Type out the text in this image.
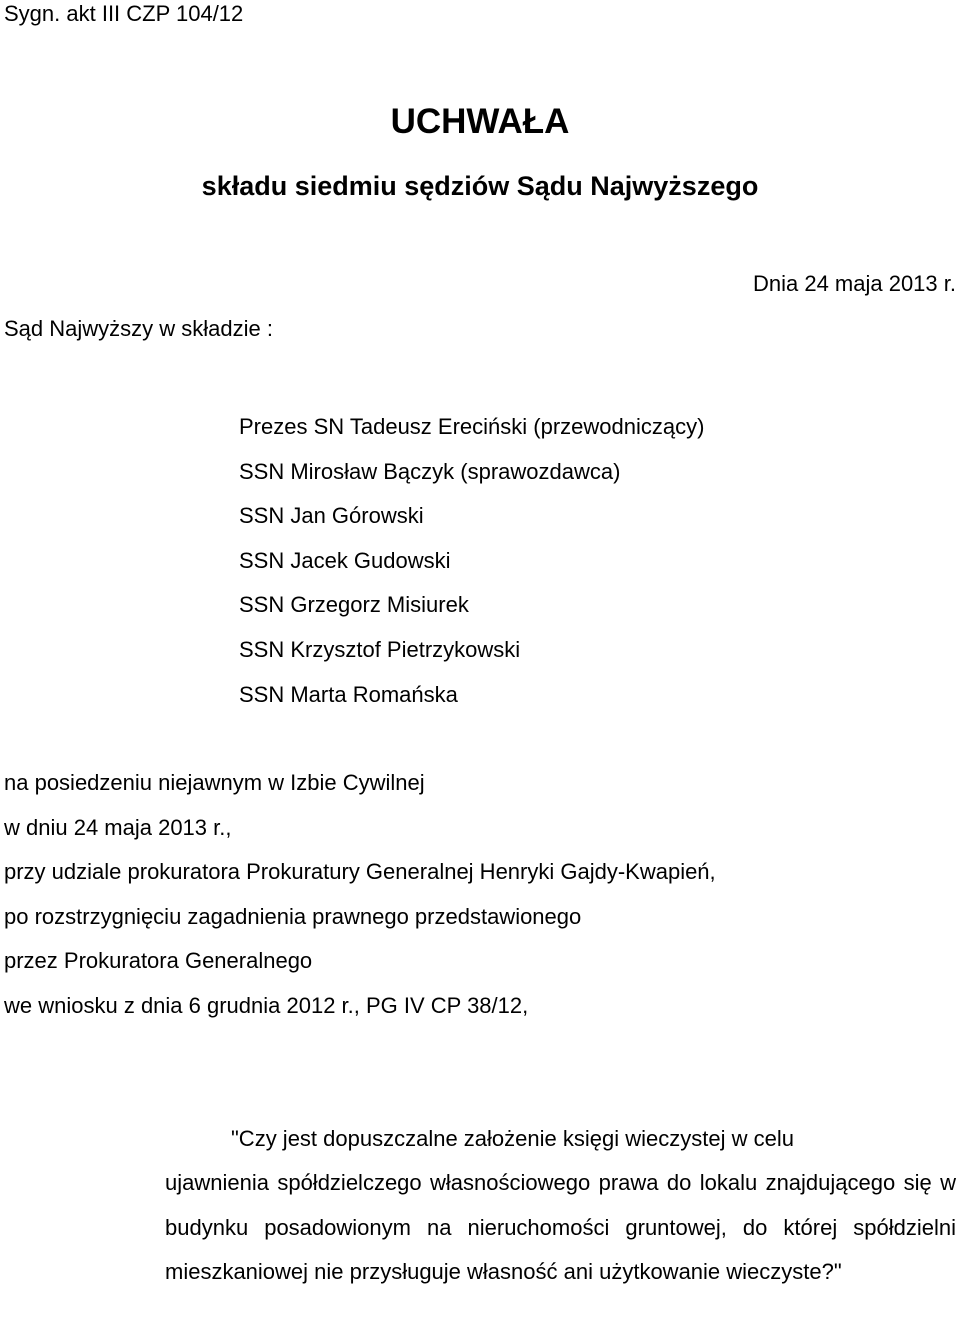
Sygn. akt III CZP 104/12
UCHWAŁA
składu siedmiu sędziów Sądu Najwyższego
Dnia 24 maja 2013 r.
Sąd Najwyższy w składzie :
Prezes SN Tadeusz Ereciński (przewodniczący)
SSN Mirosław Bączyk (sprawozdawca)
SSN Jan Górowski
SSN Jacek Gudowski
SSN Grzegorz Misiurek
SSN Krzysztof Pietrzykowski
SSN Marta Romańska
na posiedzeniu niejawnym w Izbie Cywilnej
w dniu 24 maja 2013 r.,
przy udziale prokuratora Prokuratury Generalnej Henryki Gajdy-Kwapień,
po rozstrzygnięciu zagadnienia prawnego przedstawionego
przez Prokuratora Generalnego
we wniosku z dnia 6 grudnia 2012 r., PG IV CP 38/12,

"Czy jest dopuszczalne założenie księgi wieczystej w celu
ujawnienia spółdzielczego własnościowego prawa do lokalu znajdującego się w budynku posadowionym na nieruchomości gruntowej, do której spółdzielni mieszkaniowej nie przysługuje własność ani użytkowanie wieczyste?"
